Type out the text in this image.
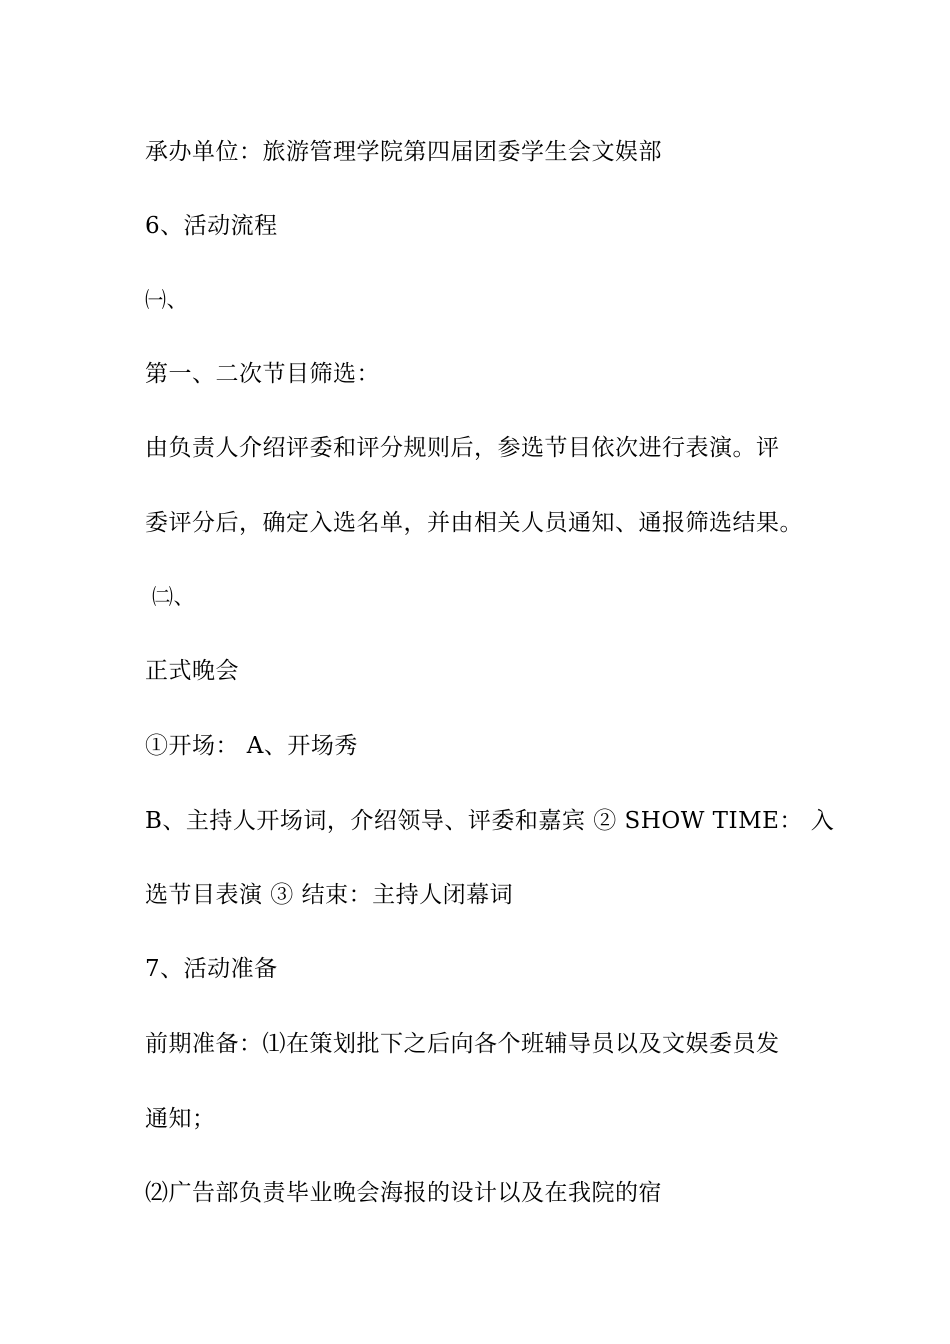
承办单位：旅游管理学院第四届团委学生会文娱部
6、活动流程
㈠、
第一、二次节目筛选：
由负责人介绍评委和评分规则后，参选节目依次进行表演。评
委评分后，确定入选名单，并由相关人员通知、通报筛选结果。
㈡、
正式晚会
①开场： A、开场秀
B、主持人开场词，介绍领导、评委和嘉宾 ② SHOW TIME： 入
选节目表演 ③ 结束：主持人闭幕词
7、活动准备
前期准备：⑴在策划批下之后向各个班辅导员以及文娱委员发
通知；
⑵广告部负责毕业晚会海报的设计以及在我院的宿
